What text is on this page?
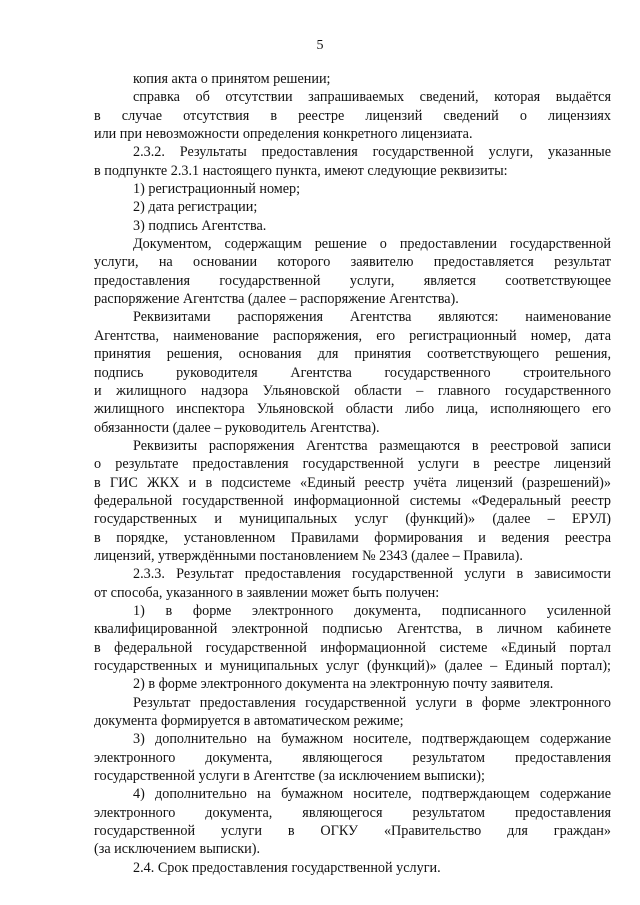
5
копия акта о принятом решении;
справка об отсутствии запрашиваемых сведений, которая выдаётся
в случае отсутствия в реестре лицензий сведений о лицензиях
или при невозможности определения конкретного лицензиата.
2.3.2. Результаты предоставления государственной услуги, указанные
в подпункте 2.3.1 настоящего пункта, имеют следующие реквизиты:
1) регистрационный номер;
2) дата регистрации;
3) подпись Агентства.
Документом, содержащим решение о предоставлении государственной
услуги, на основании которого заявителю предоставляется результат
предоставления государственной услуги, является соответствующее
распоряжение Агентства (далее – распоряжение Агентства).
Реквизитами распоряжения Агентства являются: наименование
Агентства, наименование распоряжения, его регистрационный номер, дата
принятия решения, основания для принятия соответствующего решения,
подпись руководителя Агентства государственного строительного
и жилищного надзора Ульяновской области – главного государственного
жилищного инспектора Ульяновской области либо лица, исполняющего его
обязанности (далее – руководитель Агентства).
Реквизиты распоряжения Агентства размещаются в реестровой записи
о результате предоставления государственной услуги в реестре лицензий
в ГИС ЖКХ и в подсистеме «Единый реестр учёта лицензий (разрешений)»
федеральной государственной информационной системы «Федеральный реестр
государственных и муниципальных услуг (функций)» (далее – ЕРУЛ)
в порядке, установленном Правилами формирования и ведения реестра
лицензий, утверждёнными постановлением № 2343 (далее – Правила).
2.3.3. Результат предоставления государственной услуги в зависимости
от способа, указанного в заявлении может быть получен:
1) в форме электронного документа, подписанного усиленной
квалифицированной электронной подписью Агентства, в личном кабинете
в федеральной государственной информационной системе «Единый портал
государственных и муниципальных услуг (функций)» (далее – Единый портал);
2) в форме электронного документа на электронную почту заявителя.
Результат предоставления государственной услуги в форме электронного
документа формируется в автоматическом режиме;
3) дополнительно на бумажном носителе, подтверждающем содержание
электронного документа, являющегося результатом предоставления
государственной услуги в Агентстве (за исключением выписки);
4) дополнительно на бумажном носителе, подтверждающем содержание
электронного документа, являющегося результатом предоставления
государственной услуги в ОГКУ «Правительство для граждан»
(за исключением выписки).
2.4. Срок предоставления государственной услуги.
